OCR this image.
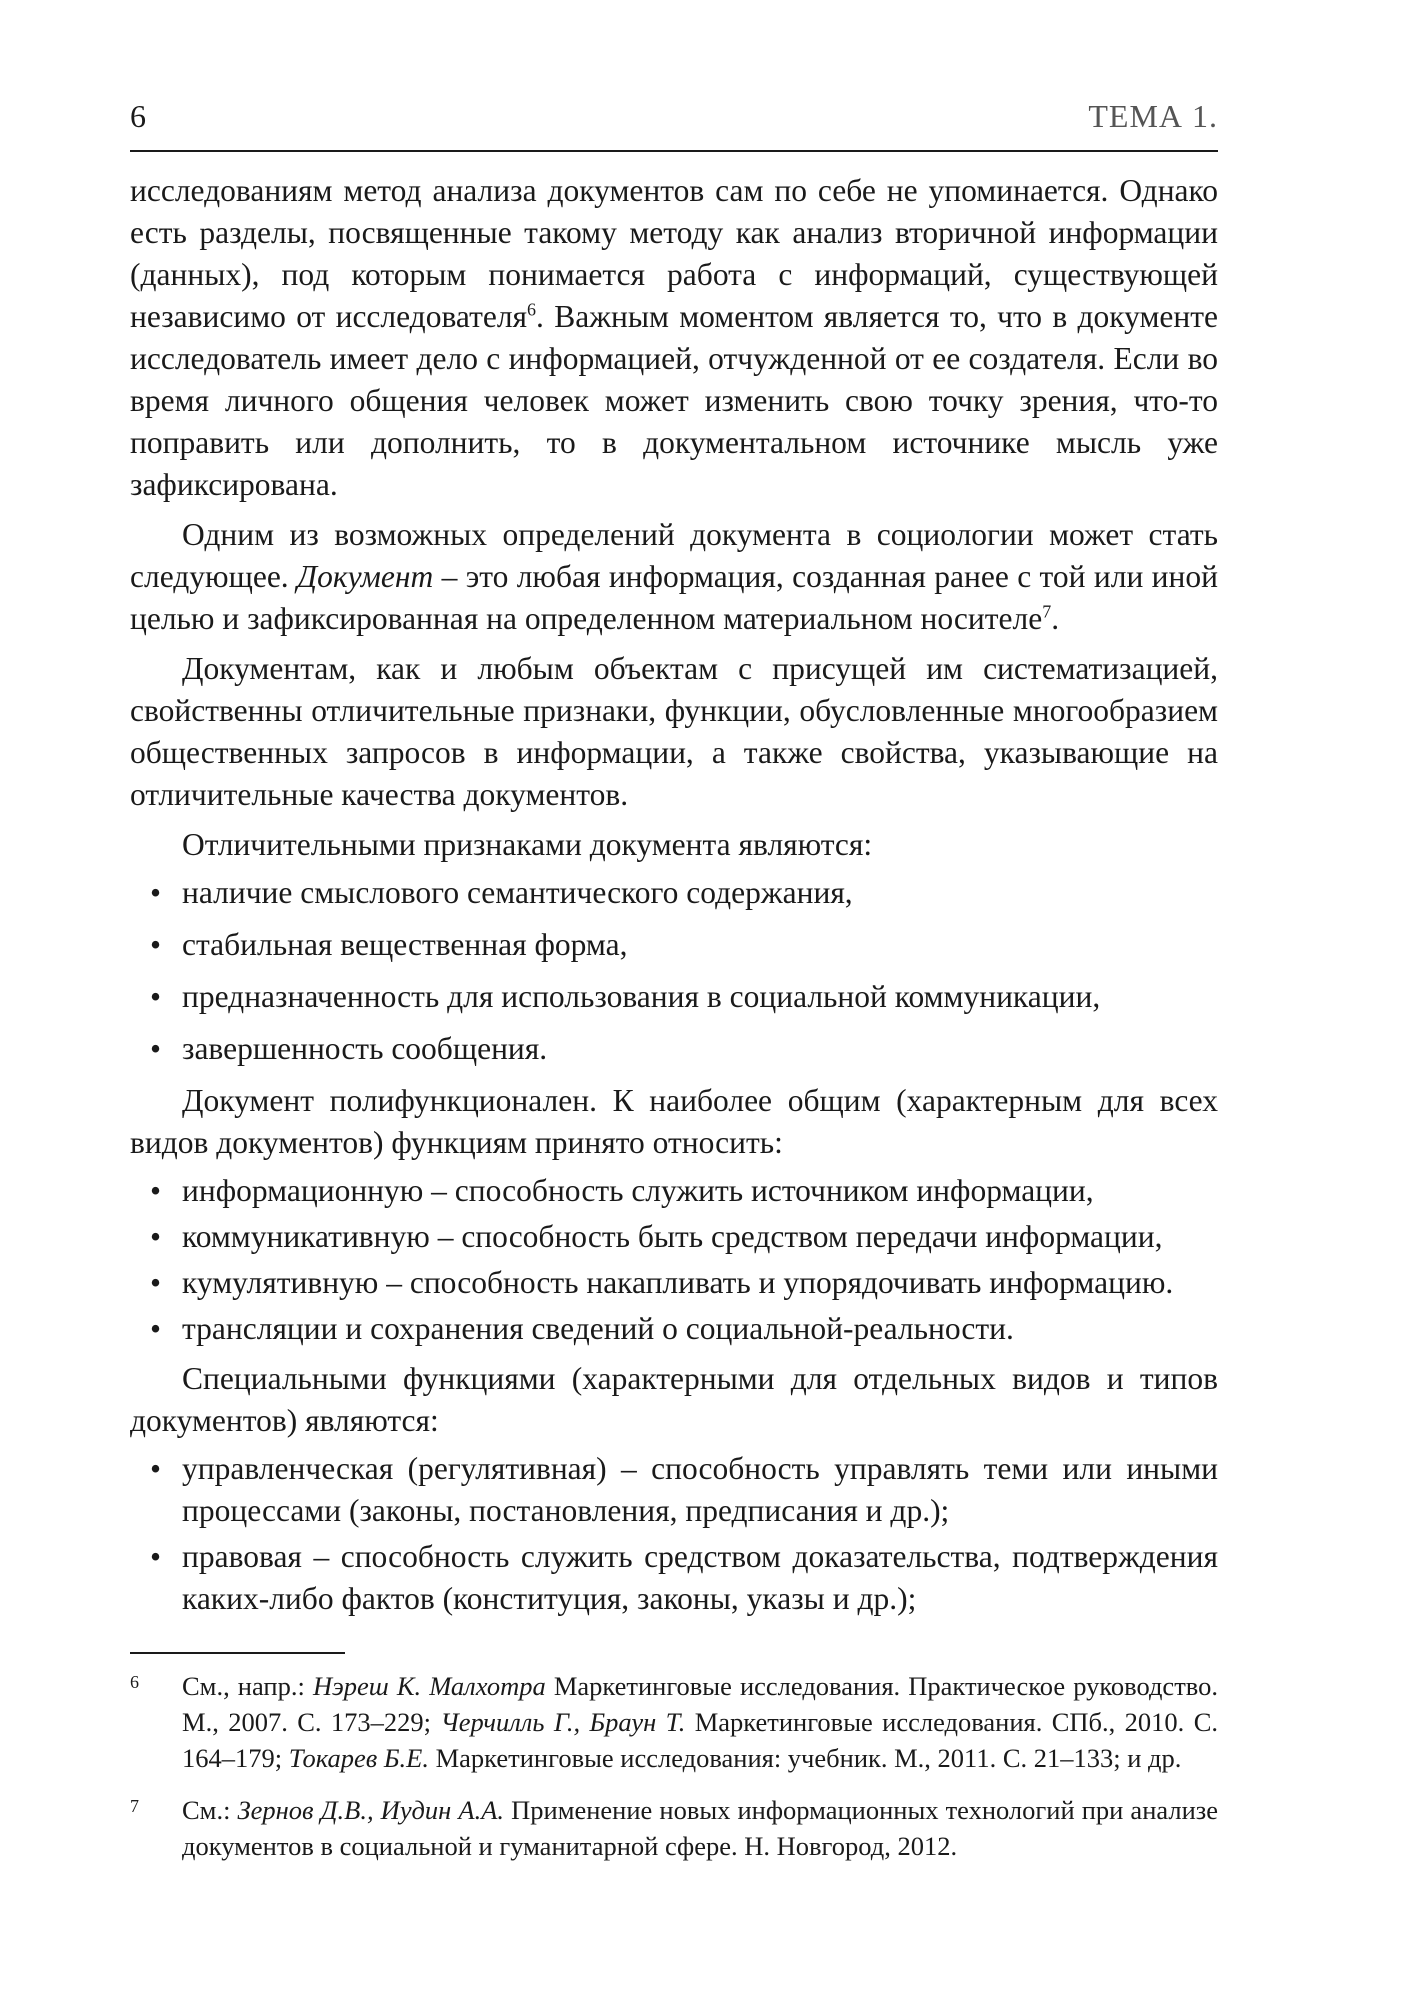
6	ТЕМА 1.

исследованиям метод анализа документов сам по себе не упоминается. Однако есть разделы, посвященные такому методу как анализ вторичной информации (данных), под которым понимается работа с информаций, существующей независимо от исследователя$^6$. Важным моментом является то, что в документе исследователь имеет дело с информацией, отчужденной от ее создателя. Если во время личного общения человек может изменить свою точку зрения, что-то поправить или дополнить, то в документальном источнике мысль уже зафиксирована.

Одним из возможных определений документа в социологии может стать следующее. Документ – это любая информация, созданная ранее с той или иной целью и зафиксированная на определенном материальном носителе$^7$.

Документам, как и любым объектам с присущей им систематизацией, свойственны отличительные признаки, функции, обусловленные многообразием общественных запросов в информации, а также свойства, указывающие на отличительные качества документов.

Отличительными признаками документа являются:

• наличие смыслового семантического содержания,
• стабильная вещественная форма,
• предназначенность для использования в социальной коммуникации,
• завершенность сообщения.

Документ полифункционален. К наиболее общим (характерным для всех видов документов) функциям принято относить:

• информационную – способность служить источником информации,
• коммуникативную – способность быть средством передачи информации,
• кумулятивную – способность накапливать и упорядочивать информацию.
• трансляции и сохранения сведений о социальной-реальности.

Специальными функциями (характерными для отдельных видов и типов документов) являются:

• управленческая (регулятивная) – способность управлять теми или иными процессами (законы, постановления, предписания и др.);
• правовая – способность служить средством доказательства, подтверждения каких-либо фактов (конституция, законы, указы и др.);
6 См., напр.: Нэреш К. Малхотра Маркетинговые исследования. Практическое руководство. М., 2007. С. 173–229; Черчилль Г., Браун Т. Маркетинговые исследования. СПб., 2010. С. 164–179; Токарев Б.Е. Маркетинговые исследования: учебник. М., 2011. С. 21–133; и др.
7 См.: Зернов Д.В., Иудин А.А. Применение новых информационных технологий при анализе документов в социальной и гуманитарной сфере. Н. Новгород, 2012.
